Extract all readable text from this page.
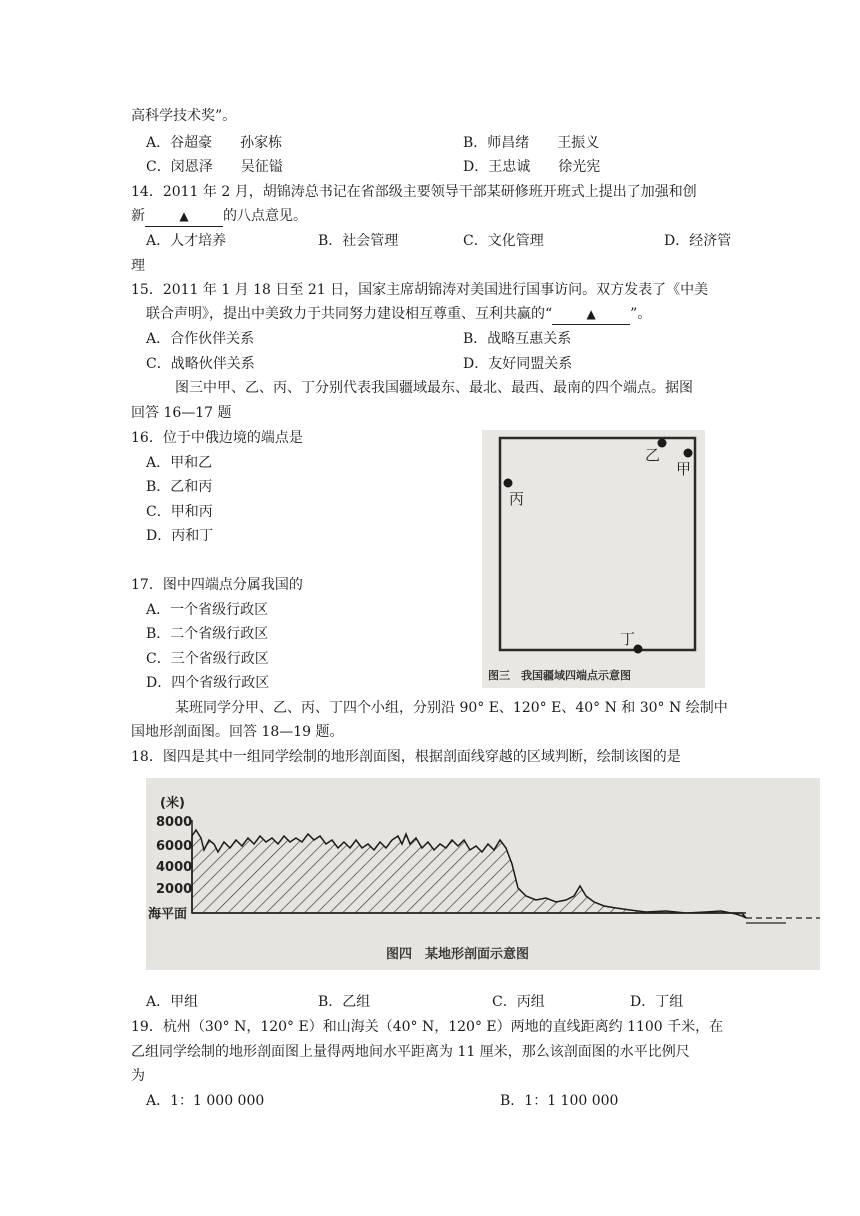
高科学技术奖”。
A．谷超豪　　孙家栋	B．师昌绪　　王振义
C．闵恩泽　　吴征镒	D．王忠诚　　徐光宪
14．2011 年 2 月，胡锦涛总书记在省部级主要领导干部某研修班开班式上提出了加强和创
新	▲ 的八点意见。
A．人才培养	B．社会管理	C．文化管理	D．经济管
理
15．2011 年 1 月 18 日至 21 日，国家主席胡锦涛对美国进行国事访问。双方发表了《中美
联合声明》，提出中美致力于共同努力建设相互尊重、互利共赢的“	▲ ”。
A．合作伙伴关系	B．战略互惠关系
C．战略伙伴关系	D．友好同盟关系
图三中甲、乙、丙、丁分别代表我国疆域最东、最北、最西、最南的四个端点。据图
回答 16—17 题
16．位于中俄边境的端点是
A．甲和乙
B．乙和丙
C．甲和丙
D．丙和丁
17．图中四端点分属我国的
A．一个省级行政区
B．二个省级行政区
C．三个省级行政区
D．四个省级行政区
乙
甲
丙
丁
图三　我国疆域四端点示意图
某班同学分甲、乙、丙、丁四个小组，分别沿 90° E、120° E、40° N 和 30° N 绘制中
国地形剖面图。回答 18—19 题。
18．图四是其中一组同学绘制的地形剖面图，根据剖面线穿越的区域判断，绘制该图的是
(米)
8000
6000
4000
2000
海平面
图四　某地形剖面示意图
A．甲组	B．乙组	C．丙组	D．丁组
19．杭州（30° N，120° E）和山海关（40° N，120° E）两地的直线距离约 1100 千米，在
乙组同学绘制的地形剖面图上量得两地间水平距离为 11 厘米，那么该剖面图的水平比例尺
为
A．1：1 000 000	B．1：1 100 000
